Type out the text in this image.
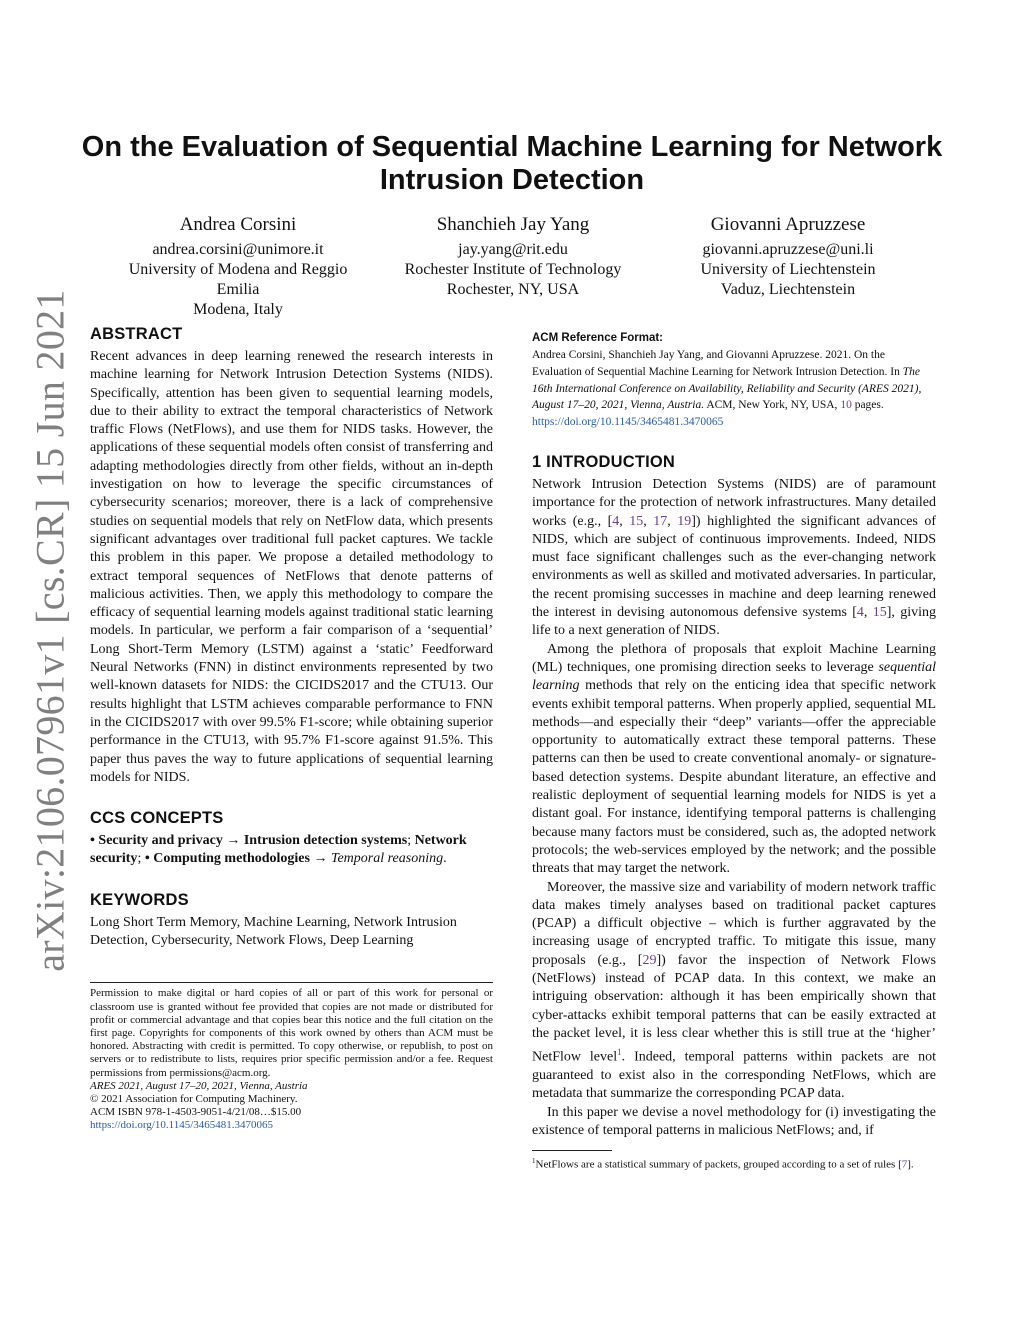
arXiv:2106.07961v1 [cs.CR] 15 Jun 2021
On the Evaluation of Sequential Machine Learning for Network Intrusion Detection
Andrea Corsini
andrea.corsini@unimore.it
University of Modena and Reggio
Emilia
Modena, Italy
Shanchieh Jay Yang
jay.yang@rit.edu
Rochester Institute of Technology
Rochester, NY, USA
Giovanni Apruzzese
giovanni.apruzzese@uni.li
University of Liechtenstein
Vaduz, Liechtenstein
ABSTRACT

Recent advances in deep learning renewed the research interests in machine learning for Network Intrusion Detection Systems (NIDS). Specifically, attention has been given to sequential learning models, due to their ability to extract the temporal characteristics of Network traffic Flows (NetFlows), and use them for NIDS tasks. However, the applications of these sequential models often consist of transferring and adapting methodologies directly from other fields, without an in-depth investigation on how to leverage the specific circumstances of cybersecurity scenarios; moreover, there is a lack of comprehensive studies on sequential models that rely on NetFlow data, which presents significant advantages over traditional full packet captures. We tackle this problem in this paper. We propose a detailed methodology to extract temporal sequences of NetFlows that denote patterns of malicious activities. Then, we apply this methodology to compare the efficacy of sequential learning models against traditional static learning models. In particular, we perform a fair comparison of a ‘sequential’ Long Short-Term Memory (LSTM) against a ‘static’ Feedforward Neural Networks (FNN) in distinct environments represented by two well-known datasets for NIDS: the CICIDS2017 and the CTU13. Our results highlight that LSTM achieves comparable performance to FNN in the CICIDS2017 with over 99.5% F1-score; while obtaining superior performance in the CTU13, with 95.7% F1-score against 91.5%. This paper thus paves the way to future applications of sequential learning models for NIDS.

CCS CONCEPTS

• Security and privacy → Intrusion detection systems; Network security; • Computing methodologies → Temporal reasoning.

KEYWORDS

Long Short Term Memory, Machine Learning, Network Intrusion Detection, Cybersecurity, Network Flows, Deep Learning

Permission to make digital or hard copies of all or part of this work for personal or classroom use is granted without fee provided that copies are not made or distributed for profit or commercial advantage and that copies bear this notice and the full citation on the first page. Copyrights for components of this work owned by others than ACM must be honored. Abstracting with credit is permitted. To copy otherwise, or republish, to post on servers or to redistribute to lists, requires prior specific permission and/or a fee. Request permissions from permissions@acm.org.

ARES 2021, August 17–20, 2021, Vienna, Austria

© 2021 Association for Computing Machinery.

ACM ISBN 978-1-4503-9051-4/21/08…$15.00

https://doi.org/10.1145/3465481.3470065

ACM Reference Format:

Andrea Corsini, Shanchieh Jay Yang, and Giovanni Apruzzese. 2021. On the Evaluation of Sequential Machine Learning for Network Intrusion Detection. In The 16th International Conference on Availability, Reliability and Security (ARES 2021), August 17–20, 2021, Vienna, Austria. ACM, New York, NY, USA, 10 pages. https://doi.org/10.1145/3465481.3470065

1 INTRODUCTION

Network Intrusion Detection Systems (NIDS) are of paramount importance for the protection of network infrastructures. Many detailed works (e.g., [4, 15, 17, 19]) highlighted the significant advances of NIDS, which are subject of continuous improvements. Indeed, NIDS must face significant challenges such as the ever-changing network environments as well as skilled and motivated adversaries. In particular, the recent promising successes in machine and deep learning renewed the interest in devising autonomous defensive systems [4, 15], giving life to a next generation of NIDS.

Among the plethora of proposals that exploit Machine Learning (ML) techniques, one promising direction seeks to leverage sequential learning methods that rely on the enticing idea that specific network events exhibit temporal patterns. When properly applied, sequential ML methods—and especially their “deep” variants—offer the appreciable opportunity to automatically extract these temporal patterns. These patterns can then be used to create conventional anomaly- or signature-based detection systems. Despite abundant literature, an effective and realistic deployment of sequential learning models for NIDS is yet a distant goal. For instance, identifying temporal patterns is challenging because many factors must be considered, such as, the adopted network protocols; the web-services employed by the network; and the possible threats that may target the network.

Moreover, the massive size and variability of modern network traffic data makes timely analyses based on traditional packet captures (PCAP) a difficult objective – which is further aggravated by the increasing usage of encrypted traffic. To mitigate this issue, many proposals (e.g., [29]) favor the inspection of Network Flows (NetFlows) instead of PCAP data. In this context, we make an intriguing observation: although it has been empirically shown that cyber-attacks exhibit temporal patterns that can be easily extracted at the packet level, it is less clear whether this is still true at the ‘higher’ NetFlow level$^1$. Indeed, temporal patterns within packets are not guaranteed to exist also in the corresponding NetFlows, which are metadata that summarize the corresponding PCAP data.

In this paper we devise a novel methodology for (i) investigating the existence of temporal patterns in malicious NetFlows; and, if

$^1$NetFlows are a statistical summary of packets, grouped according to a set of rules [7].
